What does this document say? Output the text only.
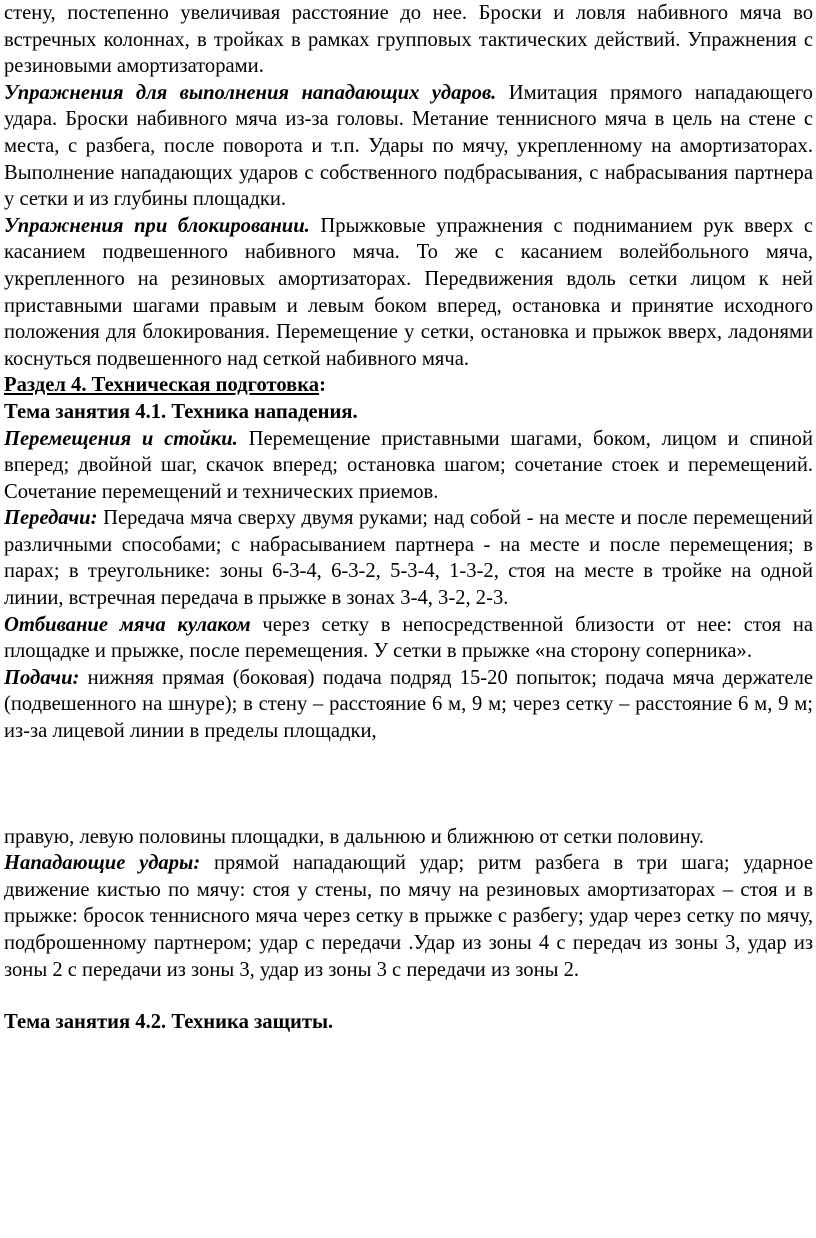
стену, постепенно увеличивая расстояние до нее. Броски и ловля набивного мяча во встречных колоннах, в тройках в рамках групповых тактических действий. Упражнения с резиновыми амортизаторами.

Упражнения для выполнения нападающих ударов. Имитация прямого нападающего удара. Броски набивного мяча из-за головы. Метание теннисного мяча в цель на стене с места, с разбега, после поворота и т.п. Удары по мячу, укрепленному на амортизаторах. Выполнение нападающих ударов с собственного подбрасывания, с набрасывания партнера у сетки и из глубины площадки.

Упражнения при блокировании. Прыжковые упражнения с подниманием рук вверх с касанием подвешенного набивного мяча. То же с касанием волейбольного мяча, укрепленного на резиновых амортизаторах. Передвижения вдоль сетки лицом к ней приставными шагами правым и левым боком вперед, остановка и принятие исходного положения для блокирования. Перемещение у сетки, остановка и прыжок вверх, ладонями коснуться подвешенного над сеткой набивного мяча.

Раздел 4. Техническая подготовка:

Тема занятия 4.1. Техника нападения.

Перемещения и стойки. Перемещение приставными шагами, боком, лицом и спиной вперед; двойной шаг, скачок вперед; остановка шагом; сочетание стоек и перемещений. Сочетание перемещений и технических приемов.

Передачи: Передача мяча сверху двумя руками; над собой - на месте и после перемещений различными способами; с набрасыванием партнера - на месте и после перемещения; в парах; в треугольнике: зоны 6-3-4, 6-3-2, 5-3-4, 1-3-2, стоя на месте в тройке на одной линии, встречная передача в прыжке в зонах 3-4, 3-2, 2-3.

Отбивание мяча кулаком через сетку в непосредственной близости от нее: стоя на площадке и прыжке, после перемещения. У сетки в прыжке «на сторону соперника».

Подачи: нижняя прямая (боковая) подача подряд 15-20 попыток; подача мяча держателе (подвешенного на шнуре); в стену – расстояние 6 м, 9 м; через сетку – расстояние 6 м, 9 м; из-за лицевой линии в пределы площадки,

правую, левую половины площадки, в дальнюю и ближнюю от сетки половину.

Нападающие удары: прямой нападающий удар; ритм разбега в три шага; ударное движение кистью по мячу: стоя у стены, по мячу на резиновых амортизаторах – стоя и в прыжке: бросок теннисного мяча через сетку в прыжке с разбегу; удар через сетку по мячу, подброшенному партнером; удар с передачи .Удар из зоны 4 с передач из зоны 3, удар из зоны 2 с передачи из зоны 3, удар из зоны 3 с передачи из зоны 2.

Тема занятия 4.2. Техника защиты.
